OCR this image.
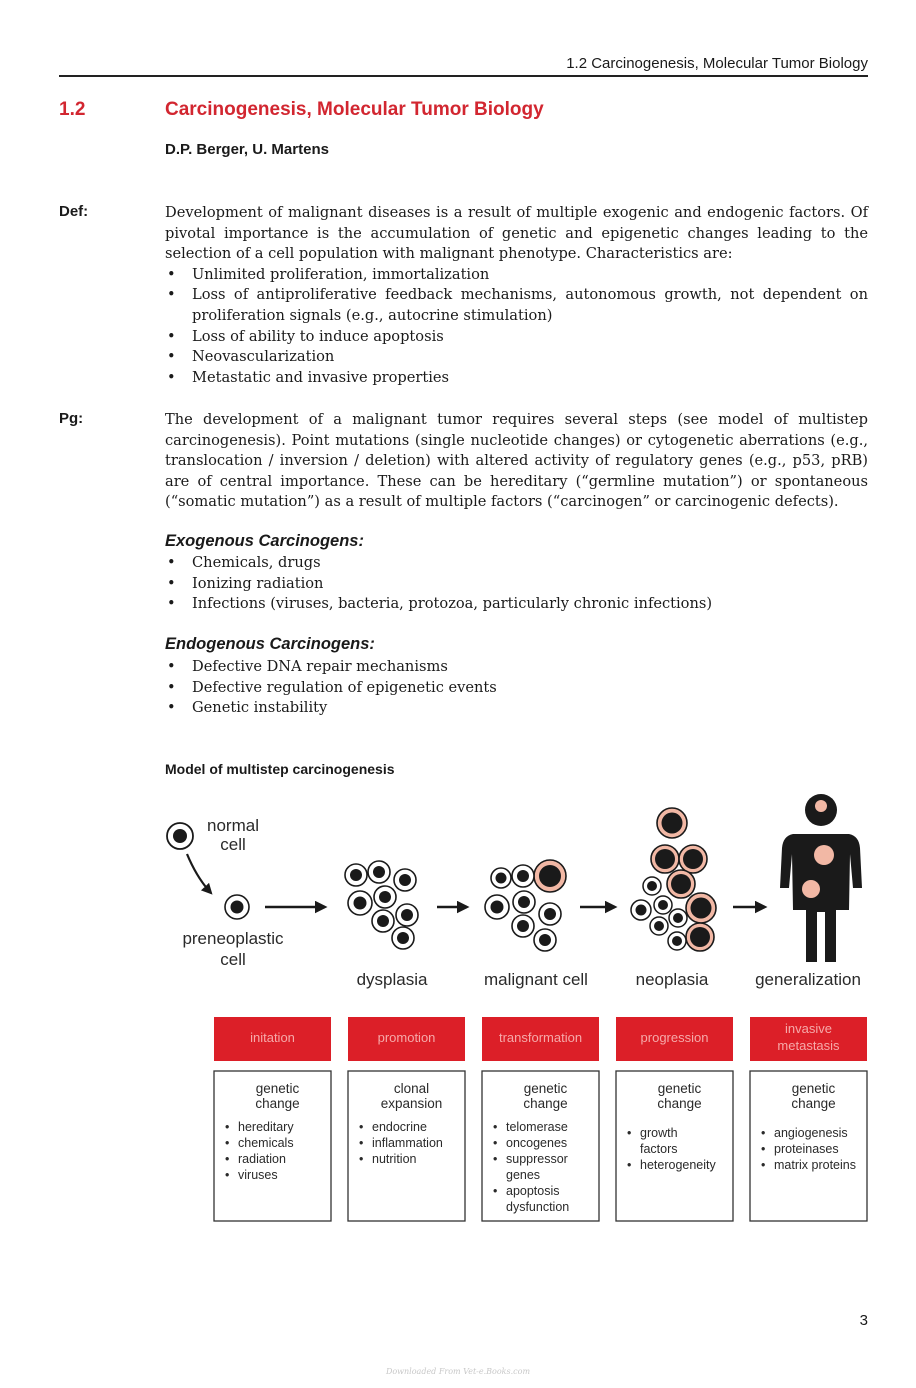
1.2 Carcinogenesis, Molecular Tumor Biology
1.2	Carcinogenesis, Molecular Tumor Biology
D.P. Berger, U. Martens
Def:	Development of malignant diseases is a result of multiple exogenic and endogenic factors. Of pivotal importance is the accumulation of genetic and epigenetic changes leading to the selection of a cell population with malignant phenotype. Characteristics are:
• Unlimited proliferation, immortalization
• Loss of antiproliferative feedback mechanisms, autonomous growth, not dependent on proliferation signals (e.g., autocrine stimulation)
• Loss of ability to induce apoptosis
• Neovascularization
• Metastatic and invasive properties
Pg:	The development of a malignant tumor requires several steps (see model of multistep carcinogenesis). Point mutations (single nucleotide changes) or cytogenetic aberrations (e.g., translocation / inversion / deletion) with altered activity of regulatory genes (e.g., p53, pRB) are of central importance. These can be hereditary (“germline mutation”) or spontaneous (“somatic mutation”) as a result of multiple factors (“carcinogen” or carcinogenic defects).
Exogenous Carcinogens:
• Chemicals, drugs
• Ionizing radiation
• Infections (viruses, bacteria, protozoa, particularly chronic infections)
Endogenous Carcinogens:
• Defective DNA repair mechanisms
• Defective regulation of epigenetic events
• Genetic instability
Model of multistep carcinogenesis
normal
cell
preneoplastic
cell
dysplasia	malignant cell	neoplasia	generalization
initation
genetic
change
• hereditary
• chemicals
• radiation
• viruses
promotion
clonal
expansion
• endocrine
• inflammation
• nutrition
transformation
genetic
change
• telomerase
• oncogenes
• suppressor
genes
• apoptosis
dysfunction
progression
genetic
change
• growth
factors
• heterogeneity
invasive
metastasis
genetic
change
• angiogenesis
• proteinases
• matrix proteins
3
Downloaded From Vet-e.Books.com
